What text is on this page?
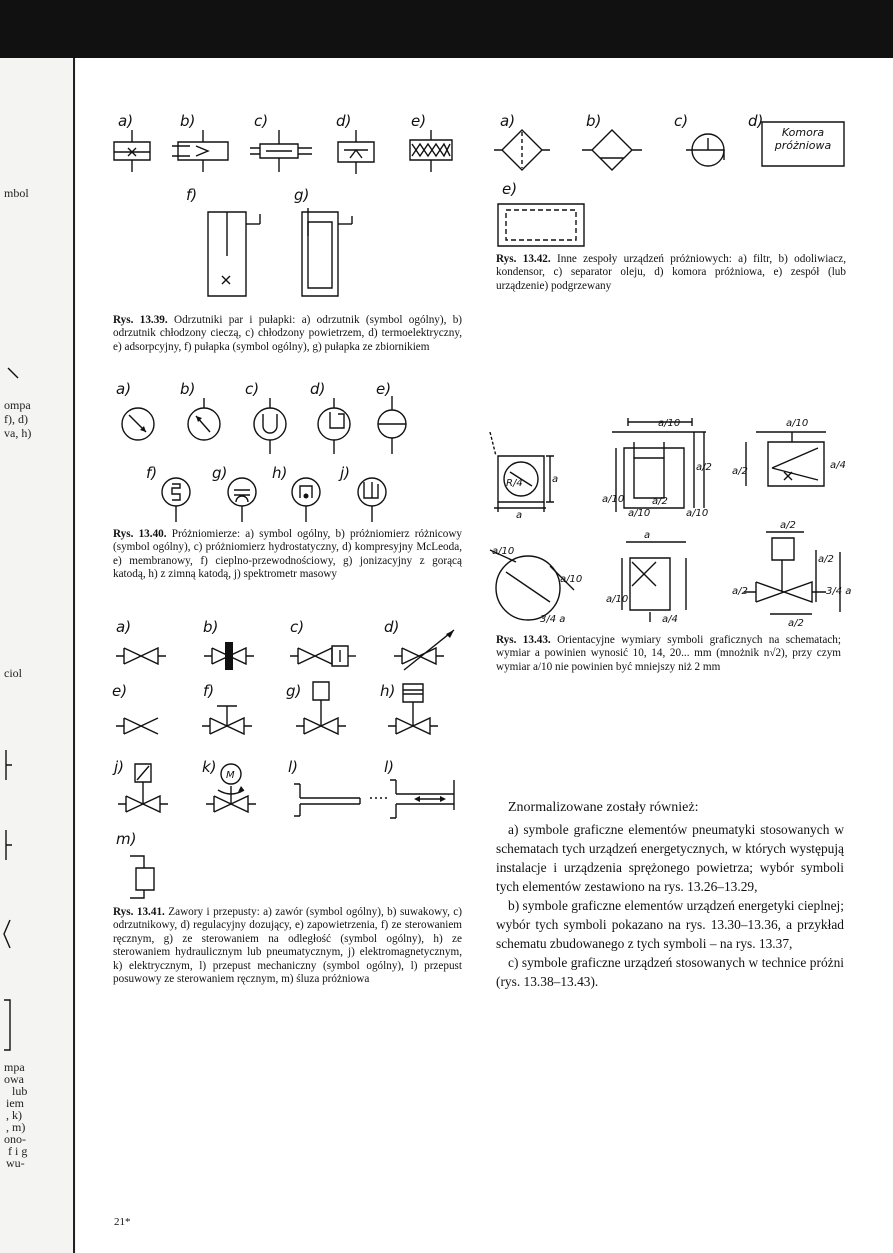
mbol
ompa
f), d)
va, h)
ciol
mpa
owa
lub
iem
, k)
, m)
ono-
f i g
wu-
a)	b)	c)	d)	e)
f)	g)
Rys. 13.39. Odrzutniki par i pułapki: a) odrzutnik (symbol ogólny), b) odrzutnik chłodzony cieczą, c) chłodzony powietrzem, d) termoelektryczny, e) adsorpcyjny, f) pułapka (symbol ogólny), g) pułapka ze zbiornikiem
a)	b)	c)	d)	e)
f)	g)	h)	j)
Rys. 13.40. Próżniomierze: a) symbol ogólny, b) próżniomierz różnicowy (symbol ogólny), c) próżniomierz hydrostatyczny, d) kompresyjny McLeoda, e) membranowy, f) cieplno-przewodnościowy, g) jonizacyjny z gorącą katodą, h) z zimną katodą, j) spektrometr masowy
a)	b)	c)	d)
e)	f)	g)	h)
j)	k)	l)	l)
M
m)
Rys. 13.41. Zawory i przepusty: a) zawór (symbol ogólny), b) suwakowy, c) odrzutnikowy, d) regulacyjny dozujący, e) zapowietrzenia, f) ze sterowaniem ręcznym, g) ze sterowaniem na odległość (symbol ogólny), h) ze sterowaniem hydraulicznym lub pneumatycznym, j) elektromagnetycznym, k) elektrycznym, l) przepust mechaniczny (symbol ogólny), l) przepust posuwowy ze sterowaniem ręcznym, m) śluza próżniowa
a)	b)	c)	d)
Komora
próżniowa
e)
Rys. 13.42. Inne zespoły urządzeń próżniowych: a) filtr, b) odoliwiacz, kondensor, c) separator oleju, d) komora próżniowa, e) zespół (lub urządzenie) podgrzewany
a
a
R/4
a/10
a/2
a/10
a/10
a/2
a/10
a/10
a/4
a/2
3/4 a
a/10
a/10
a
a/10
a/4
a/2
a/2
a/2	3/4 a
a/2
Rys. 13.43. Orientacyjne wymiary symboli graficznych na schematach; wymiar a powinien wynosić 10, 14, 20... mm (mnożnik n√2), przy czym wymiar a/10 nie powinien być mniejszy niż 2 mm
Znormalizowane zostały również:

a) symbole graficzne elementów pneumatyki stosowanych w schematach tych urządzeń energetycznych, w których występują instalacje i urządzenia sprężonego powietrza; wybór symboli tych elementów zestawiono na rys. 13.26–13.29,

b) symbole graficzne elementów urządzeń energetyki cieplnej; wybór tych symboli pokazano na rys. 13.30–13.36, a przykład schematu zbudowanego z tych symboli – na rys. 13.37,

c) symbole graficzne urządzeń stosowanych w technice próżni (rys. 13.38–13.43).

21*
